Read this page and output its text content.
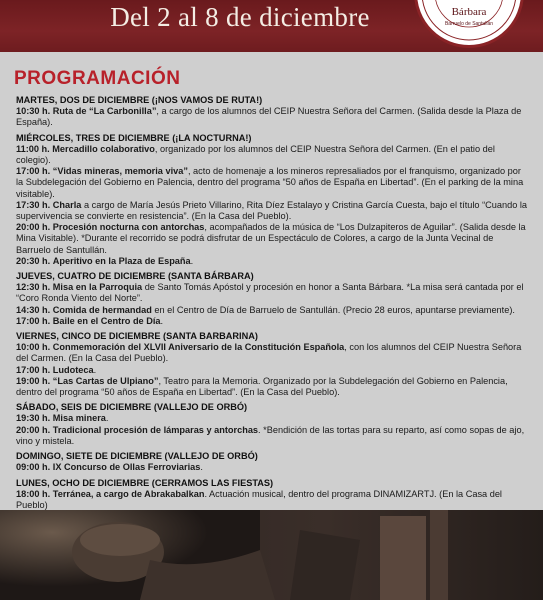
Del 2 al 8 de diciembre	Bárbara
Barruelo de Santullán
PROGRAMACIÓN
MARTES, DOS DE DICIEMBRE (¡NOS VAMOS DE RUTA!)
10:30 h. Ruta de “La Carbonilla”, a cargo de los alumnos del CEIP Nuestra Señora del Carmen. (Salida desde la Plaza de España).
MIÉRCOLES, TRES DE DICIEMBRE (¡LA NOCTURNA!)
11:00 h. Mercadillo colaborativo, organizado por los alumnos del CEIP Nuestra Señora del Carmen. (En el patio del colegio).
17:00 h. “Vidas mineras, memoria viva”, acto de homenaje a los mineros represaliados por el franquismo, organizado por la Subdelegación del Gobierno en Palencia, dentro del programa “50 años de España en Libertad”. (En el parking de la mina visitable).
17:30 h. Charla a cargo de María Jesús Prieto Villarino, Rita Díez Estalayo y Cristina García Cuesta, bajo el título “Cuando la supervivencia se convierte en resistencia”. (En la Casa del Pueblo).
20:00 h. Procesión nocturna con antorchas, acompañados de la música de “Los Dulzapiteros de Aguilar”. (Salida desde la Mina Visitable). *Durante el recorrido se podrá disfrutar de un Espectáculo de Colores, a cargo de la Junta Vecinal de Barruelo de Santullán.
20:30 h. Aperitivo en la Plaza de España.
JUEVES, CUATRO DE DICIEMBRE (SANTA BÁRBARA)
12:30 h. Misa en la Parroquia de Santo Tomás Apóstol y procesión en honor a Santa Bárbara. *La misa será cantada por el “Coro Ronda Viento del Norte”.
14:30 h. Comida de hermandad en el Centro de Día de Barruelo de Santullán. (Precio 28 euros, apuntarse previamente).
17:00 h. Baile en el Centro de Día.
VIERNES, CINCO DE DICIEMBRE (SANTA BARBARINA)
10:00 h. Conmemoración del XLVII Aniversario de la Constitución Española, con los alumnos del CEIP Nuestra Señora del Carmen. (En la Casa del Pueblo).
17:00 h. Ludoteca.
19:00 h. “Las Cartas de Ulpiano”, Teatro para la Memoria. Organizado por la Subdelegación del Gobierno en Palencia, dentro del programa “50 años de España en Libertad”. (En la Casa del Pueblo).
SÁBADO, SEIS DE DICIEMBRE (VALLEJO DE ORBÓ)
19:30 h. Misa minera.
20:00 h. Tradicional procesión de lámparas y antorchas. *Bendición de las tortas para su reparto, así como sopas de ajo, vino y mistela.
DOMINGO, SIETE DE DICIEMBRE (VALLEJO DE ORBÓ)
09:00 h. IX Concurso de Ollas Ferroviarias.
LUNES, OCHO DE DICIEMBRE (CERRAMOS LAS FIESTAS)
18:00 h. Terránea, a cargo de Abrakabalkan. Actuación musical, dentro del programa DINAMIZARTJ. (En la Casa del Pueblo)
